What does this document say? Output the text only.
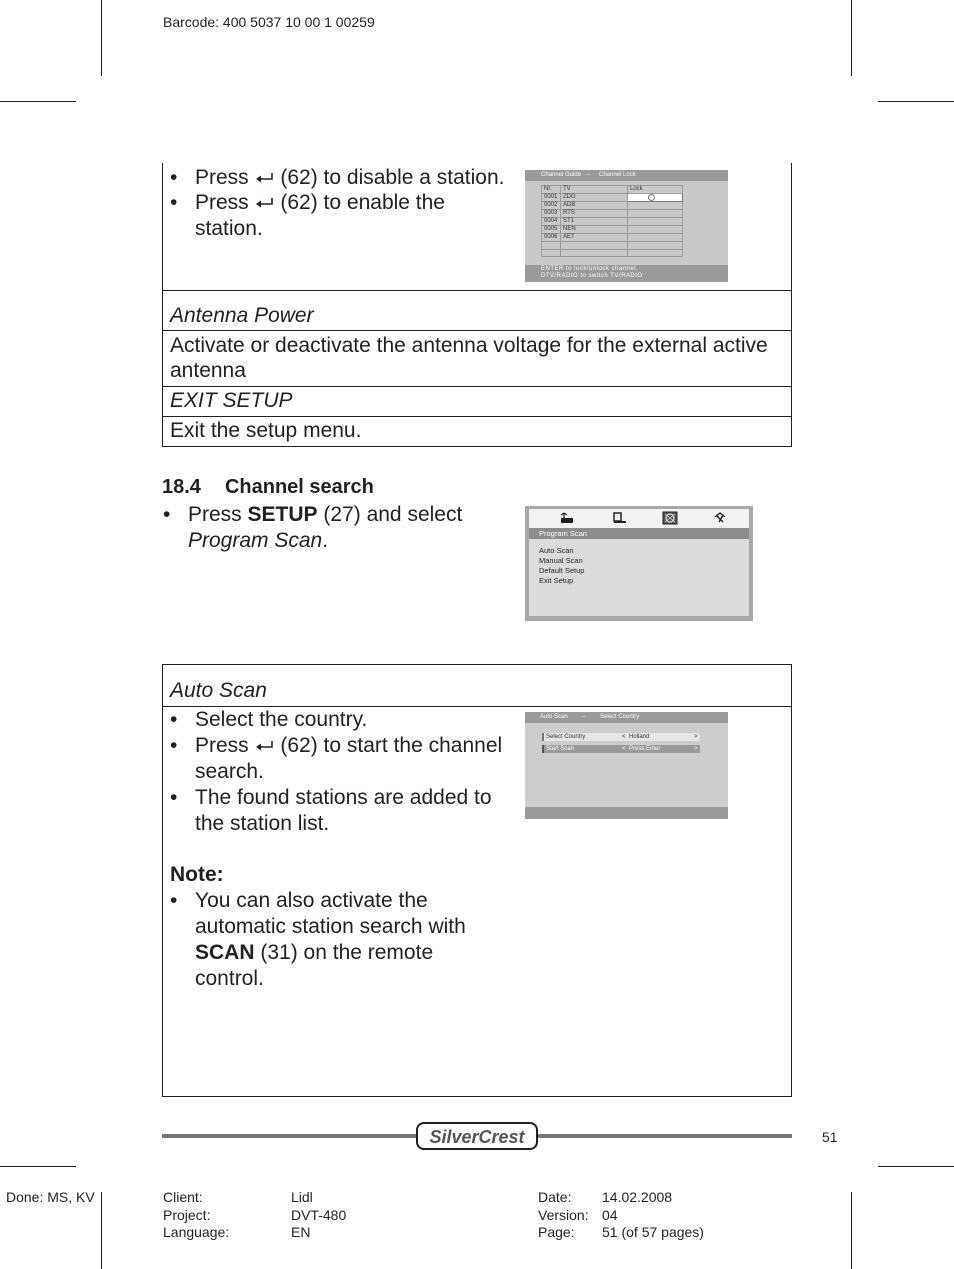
Barcode: 400 5037 10 00 1 00259
• Press (62) to disable a station.
• Press (62) to enable the
station.
Channel Guide → Channel Lock
Nr.	TV	Lock
0001	ZDG	

0002	ADB	
0003	RTS	
0004	ST1	
0005	NEN	
0006	AET	

ENTER to lock/unlock channel.
DTV/RADIO to switch TV/RADIO
Antenna Power
Activate or deactivate the antenna voltage for the external active
antenna
EXIT SETUP
Exit the setup menu.
18.4 Channel search
• Press SETUP (27) and select
Program Scan.	Program Scan
Auto Scan
Manual Scan
Default Setup
Exit Setup
Auto Scan
• Select the country.
• Press (62) to start the channel
search.
• The found stations are added to
the station list.
Note:
• You can also activate the
automatic station search with
SCAN (31) on the remote
control.
Auto Scan → Select Country
Select Country	< Holland	>
Start Scan	< Press Enter	>
SilverCrest	51
Done: MS, KV	Client:	Lidl
Project:	DVT-480
Language:	EN
Date: 14.02.2008
Version: 04
Page: 51 (of 57 pages)
